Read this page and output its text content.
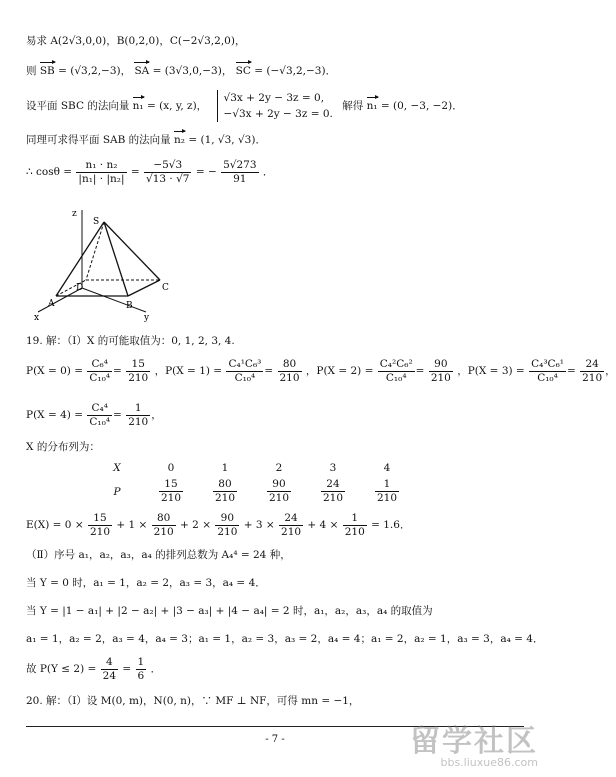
易求 A(2√3,0,0)，B(0,2,0)，C(−2√3,2,0)，
则 SB = (√3,2,−3)， SA = (3√3,0,−3)， SC = (−√3,2,−3)．
设平面 SBC 的法向量 n₁ = (x, y, z)，
√3x + 2y − 3z = 0,
−√3x + 2y − 3z = 0.
解得 n₁ = (0, −3, −2)．
同理可求得平面 SAB 的法向量 n₂ = (1, √3, √3)．
∴ $\cos\theta = \frac{\text{n₁ · n₂}}{\text{|n₁| · |n₂|}} = \frac{-5√3}{√13 \cdot √7}$ = − $\frac{5√273}{91}$ ．
z
S
D
A	B
C
x	y
19. 解：（Ⅰ）X 的可能取值为：0, 1, 2, 3, 4.
$P(X = 0) = \frac{\text{C₆⁴}}{\text{C₁₀⁴}} = \frac{15}{210}$ ，$P(X = 1) = \frac{\text{C₄¹C₆³}}{\text{C₁₀⁴}} = \frac{80}{210}$ ，$P(X = 2) = \frac{\text{C₄²C₆²}}{\text{C₁₀⁴}} = \frac{90}{210}$ ，$P(X = 3) = \frac{\text{C₄³C₆¹}}{\text{C₁₀⁴}} = \frac{24}{210}$ ，
$P(X = 4) = \frac{\text{C₄⁴}}{\text{C₁₀⁴}} = \frac{1}{210}$ ，
X 的分布列为：
X	0	1	2	3	4
P	$\frac{15}{210}$	$\frac{80}{210}$	$\frac{90}{210}$	$\frac{24}{210}$	$\frac{1}{210}$
$E(X) = 0 \times \frac{15}{210} + 1 \times \frac{80}{210} + 2 \times \frac{90}{210} + 3 \times \frac{24}{210} + 4 \times \frac{1}{210} = 1.6$．
（Ⅱ）序号 a₁，a₂，a₃，a₄ 的排列总数为 A₄⁴ = 24 种，
当 Y = 0 时，a₁ = 1，a₂ = 2，a₃ = 3，a₄ = 4．
当 Y = |1 − a₁| + |2 − a₂| + |3 − a₃| + |4 − a₄| = 2 时，a₁，a₂，a₃，a₄ 的取值为
a₁ = 1，a₂ = 2，a₃ = 4，a₄ = 3；a₁ = 1，a₂ = 3，a₃ = 2，a₄ = 4；a₁ = 2，a₂ = 1，a₃ = 3，a₄ = 4．
故 $P(Y \le 2) = \frac{4}{24} = \frac{1}{6}$ ．
20. 解：（Ⅰ）设 M(0, m)，N(0, n)，∵ MF ⊥ NF，可得 mn = −1，
- 7 -	留学社区
bbs.liuxue86.com
